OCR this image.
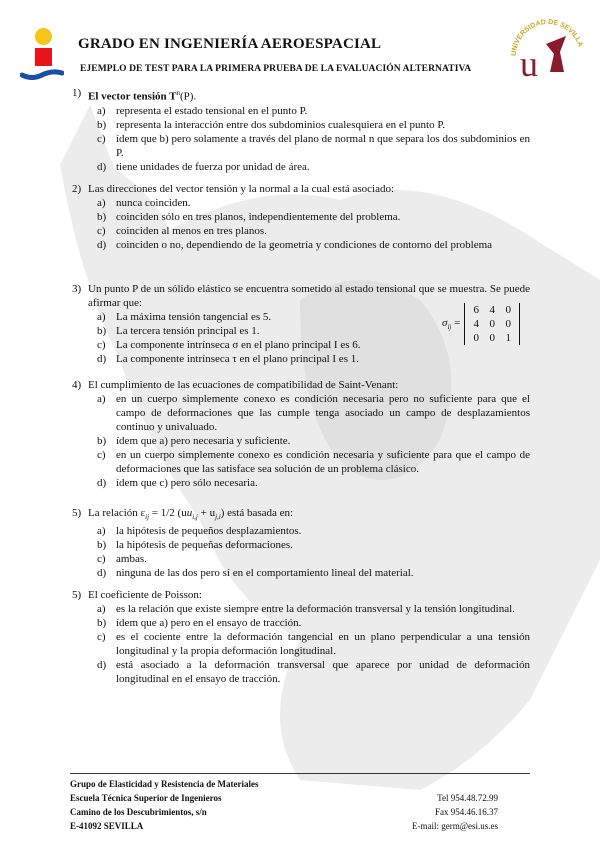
GRADO EN INGENIERÍA AEROESPACIAL
EJEMPLO DE TEST PARA LA PRIMERA PRUEBA DE LA EVALUACIÓN ALTERNATIVA
UNIVERSIDAD DE SEVILLA
u
1) El vector tensión $T^n(P)$.
a) representa el estado tensional en el punto P.
b) representa la interacción entre dos subdominios cualesquiera en el punto P.
c) ídem que b) pero solamente a través del plano de normal n que separa los dos subdominios en P.
d) tiene unidades de fuerza por unidad de área.
2) Las direcciones del vector tensión y la normal a la cual está asociado:
a) nunca coinciden.
b) coinciden sólo en tres planos, independientemente del problema.
c) coinciden al menos en tres planos.
d) coinciden o no, dependiendo de la geometría y condiciones de contorno del problema
3) Un punto P de un sólido elástico se encuentra sometido al estado tensional que se muestra. Se puede afirmar que:
a) La máxima tensión tangencial es 5.
b) La tercera tensión principal es 1.
c) La componente intrínseca σ en el plano principal I es 6.
d) La componente intrínseca τ en el plano principal I es 1.
$\sigma_{ij}$ =
6 4 0
4 0 0
0 0 1
4) El cumplimiento de las ecuaciones de compatibilidad de Saint-Venant:
a) en un cuerpo simplemente conexo es condición necesaria pero no suficiente para que el campo de deformaciones que las cumple tenga asociado un campo de desplazamientos continuo y univaluado.
b) ídem que a) pero necesaria y suficiente.
c) en un cuerpo simplemente conexo es condición necesaria y suficiente para que el campo de deformaciones que las satisface sea solución de un problema clásico.
d) ídem que c) pero sólo necesaria.
5) La relación $\varepsilon_{ij} = 1/2$ $(uu_{i,j} + u_{j,i})$ está basada en:
a) la hipótesis de pequeños desplazamientos.
b) la hipótesis de pequeñas deformaciones.
c) ambas.
d) ninguna de las dos pero sí en el comportamiento lineal del material.
5) El coeficiente de Poisson:
a) es la relación que existe siempre entre la deformación transversal y la tensión longitudinal.
b) ídem que a) pero en el ensayo de tracción.
c) es el cociente entre la deformación tangencial en un plano perpendicular a una tensión longitudinal y la propia deformación longitudinal.
d) está asociado a la deformación transversal que aparece por unidad de deformación longitudinal en el ensayo de tracción.
Grupo de Elasticidad y Resistencia de Materiales
Escuela Técnica Superior de Ingenieros
Camino de los Descubrimientos, s/n
E-41092 SEVILLA
Tel 954.48.72.99
Fax 954.46.16.37
E-mail: germ@esi.us.es
